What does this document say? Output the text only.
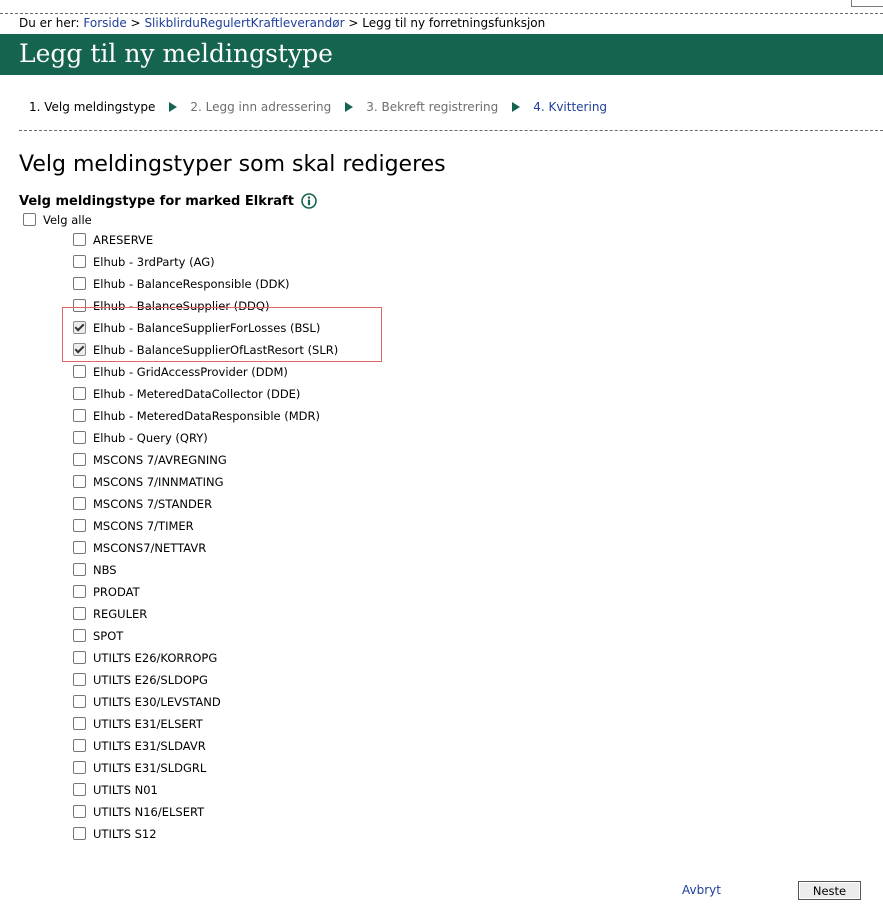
Du er her: Forside > SlikblirduRegulertKraftleverandør > Legg til ny forretningsfunksjon
Legg til ny meldingstype
1. Velg meldingstype	2. Legg inn adressering	3. Bekreft registrering	4. Kvittering
Velg meldingstyper som skal redigeres
Velg meldingstype for marked Elkraft
Velg alle
ARESERVE
Elhub - 3rdParty (AG)
Elhub - BalanceResponsible (DDK)
Elhub - BalanceSupplier (DDQ)
Elhub - BalanceSupplierForLosses (BSL)
Elhub - BalanceSupplierOfLastResort (SLR)
Elhub - GridAccessProvider (DDM)
Elhub - MeteredDataCollector (DDE)
Elhub - MeteredDataResponsible (MDR)
Elhub - Query (QRY)
MSCONS 7/AVREGNING
MSCONS 7/INNMATING
MSCONS 7/STANDER
MSCONS 7/TIMER
MSCONS7/NETTAVR
NBS
PRODAT
REGULER
SPOT
UTILTS E26/KORROPG
UTILTS E26/SLDOPG
UTILTS E30/LEVSTAND
UTILTS E31/ELSERT
UTILTS E31/SLDAVR
UTILTS E31/SLDGRL
UTILTS N01
UTILTS N16/ELSERT
UTILTS S12
Avbryt	Neste
